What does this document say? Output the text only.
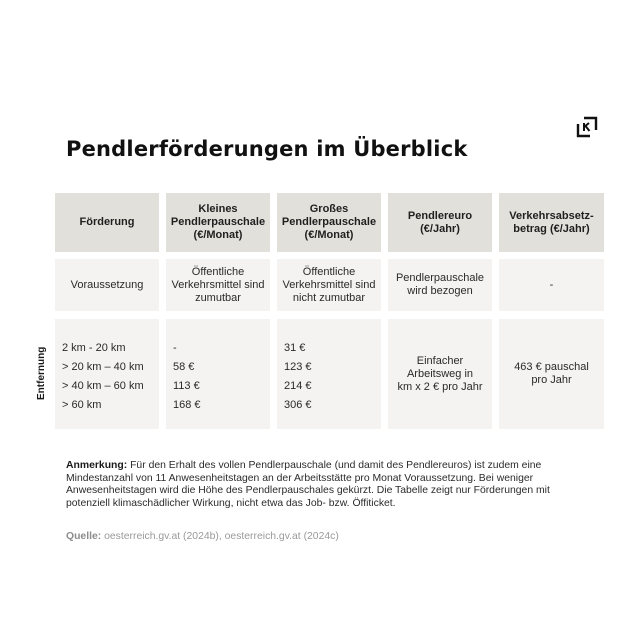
Pendlerförderungen im Überblick
Förderung
Kleines
Pendlerpauschale
(€/Monat)
Großes
Pendlerpauschale
(€/Monat)
Pendlereuro
(€/Jahr)
Verkehrsabsetz-
betrag (€/Jahr)
Voraussetzung
Öffentliche
Verkehrsmittel sind
zumutbar
Öffentliche
Verkehrsmittel sind
nicht zumutbar
Pendlerpauschale
wird bezogen
-
Entfernung 2 km - 20 km
> 20 km – 40 km
> 40 km – 60 km
> 60 km
-
58 €
113 €
168 €
31 €
123 €
214 €
306 €
Einfacher
Arbeitsweg in
km x 2 € pro Jahr
463 € pauschal
pro Jahr
Anmerkung: Für den Erhalt des vollen Pendlerpauschale (und damit des Pendlereuros) ist zudem eine Mindestanzahl von 11 Anwesenheitstagen an der Arbeitsstätte pro Monat Voraussetzung. Bei weniger Anwesenheitstagen wird die Höhe des Pendlerpauschales gekürzt. Die Tabelle zeigt nur Förderungen mit potenziell klimaschädlicher Wirkung, nicht etwa das Job- bzw. Öffiticket.
Quelle: oesterreich.gv.at (2024b), oesterreich.gv.at (2024c)
